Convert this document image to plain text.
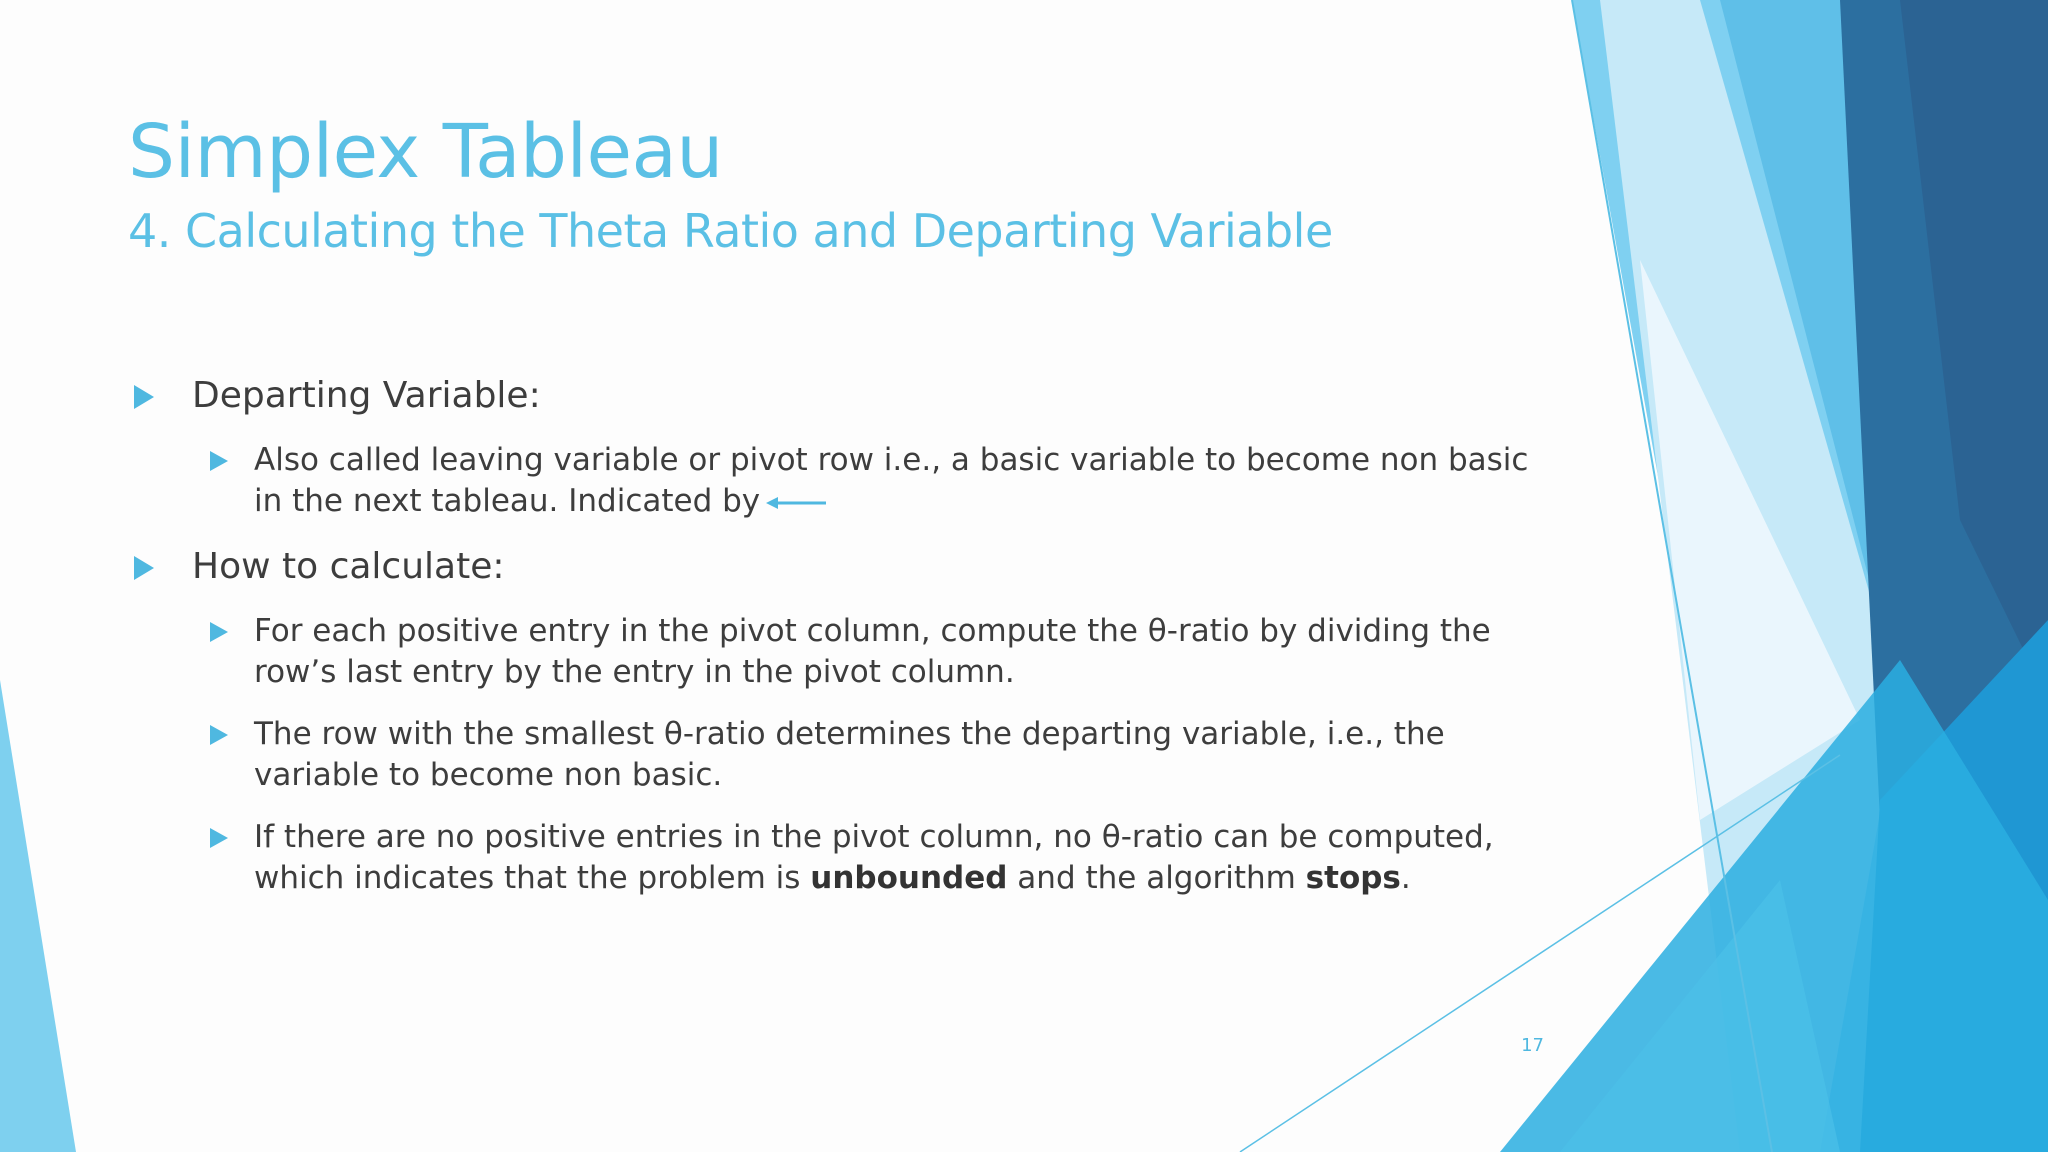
Simplex Tableau
4. Calculating the Theta Ratio and Departing Variable
Departing Variable:
Also called leaving variable or pivot row i.e., a basic variable to become non basic in the next tableau. Indicated by
How to calculate:
For each positive entry in the pivot column, compute the θ-ratio by dividing the row’s last entry by the entry in the pivot column.
The row with the smallest θ-ratio determines the departing variable, i.e., the variable to become non basic.
If there are no positive entries in the pivot column, no θ-ratio can be computed, which indicates that the problem is unbounded and the algorithm stops.
17
